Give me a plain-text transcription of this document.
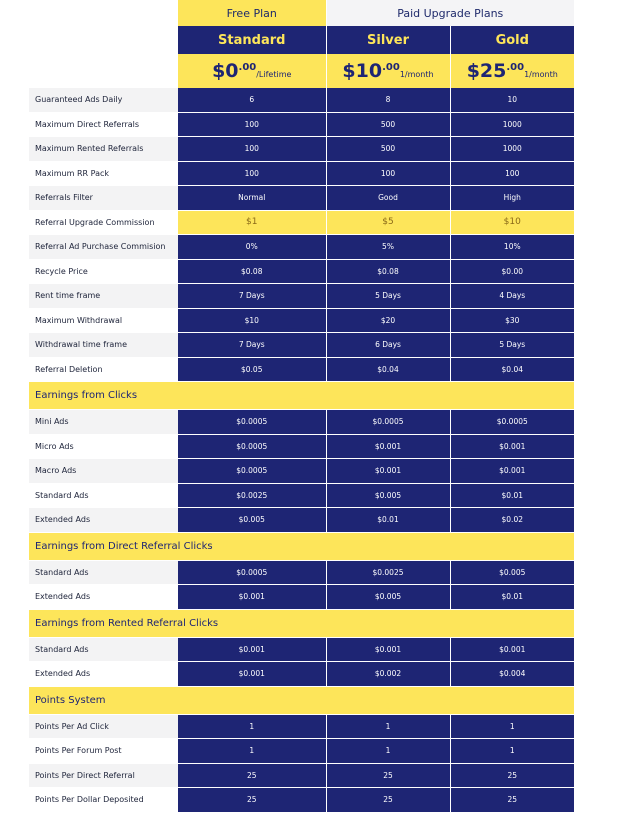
	Free Plan	Paid Upgrade Plans	
	Standard	Silver	Gold
	$\$0^{.00}$/Lifetime	$\$10^{.00}1$/month	$\$25^{.00}1$/month
Guaranteed Ads Daily	6	8	10
Maximum Direct Referrals	100	500	1000
Maximum Rented Referrals	100	500	1000
Maximum RR Pack	100	100	100
Referrals Filter	Normal	Good	High
Referral Upgrade Commission	$1	$5	$10
Referral Ad Purchase Commision	0%	5%	10%
Recycle Price	$0.08	$0.08	$0.00
Rent time frame	7 Days	5 Days	4 Days
Maximum Withdrawal	$10	$20	$30
Withdrawal time frame	7 Days	6 Days	5 Days
Referral Deletion	$0.05	$0.04	$0.04
Earnings from Clicks			
Mini Ads	$0.0005	$0.0005	$0.0005
Micro Ads	$0.0005	$0.001	$0.001
Macro Ads	$0.0005	$0.001	$0.001
Standard Ads	$0.0025	$0.005	$0.01
Extended Ads	$0.005	$0.01	$0.02
Earnings from Direct Referral Clicks			
Standard Ads	$0.0005	$0.0025	$0.005
Extended Ads	$0.001	$0.005	$0.01
Earnings from Rented Referral Clicks			
Standard Ads	$0.001	$0.001	$0.001
Extended Ads	$0.001	$0.002	$0.004
Points System			
Points Per Ad Click	1	1	1
Points Per Forum Post	1	1	1
Points Per Direct Referral	25	25	25
Points Per Dollar Deposited	25	25	25
